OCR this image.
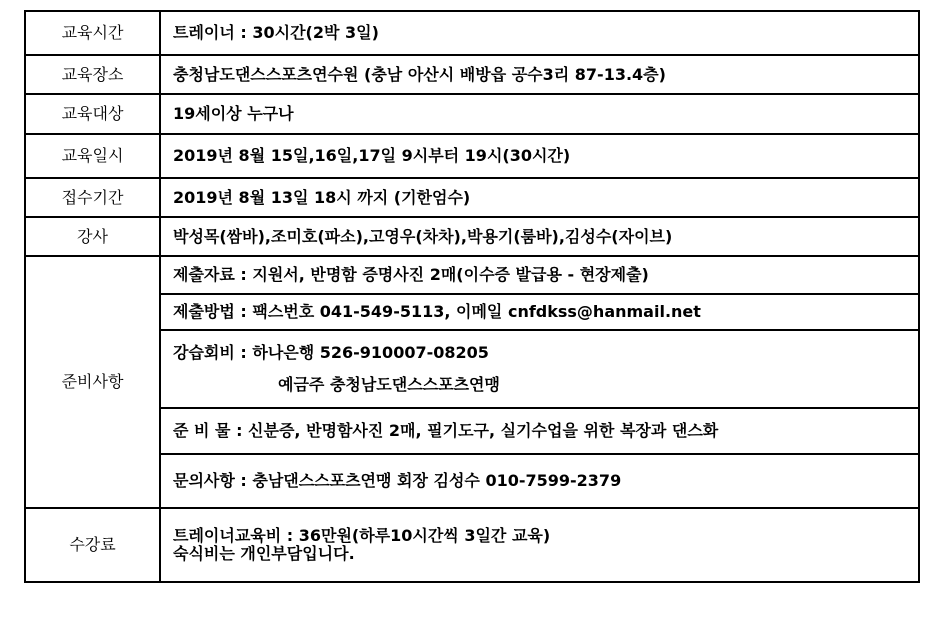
교육시간	트레이너 : 30시간(2박 3일)
교육장소	충청남도댄스스포츠연수원 (충남 아산시 배방읍 공수3리 87-13.4층)
교육대상	19세이상 누구나
교육일시	2019년 8월 15일,16일,17일 9시부터 19시(30시간)
접수기간	2019년 8월 13일 18시 까지 (기한엄수)
강사	박성목(쌈바),조미호(파소),고영우(차차),박용기(룸바),김성수(자이브)
준비사항	제출자료 : 지원서, 반명함 증명사진 2매(이수증 발급용 - 현장제출)
	제출방법 : 팩스번호 041-549-5113, 이메일 cnfdkss@hanmail.net
	강습회비 : 하나은행 526-910007-08205
예금주 충청남도댄스스포츠연맹

	준 비 물 : 신분증, 반명함사진 2매, 필기도구, 실기수업을 위한 복장과 댄스화
	문의사항 : 충남댄스스포츠연맹 회장 김성수 010-7599-2379
수강료	트레이너교육비 : 36만원(하루10시간씩 3일간 교육)
숙식비는 개인부담입니다.
